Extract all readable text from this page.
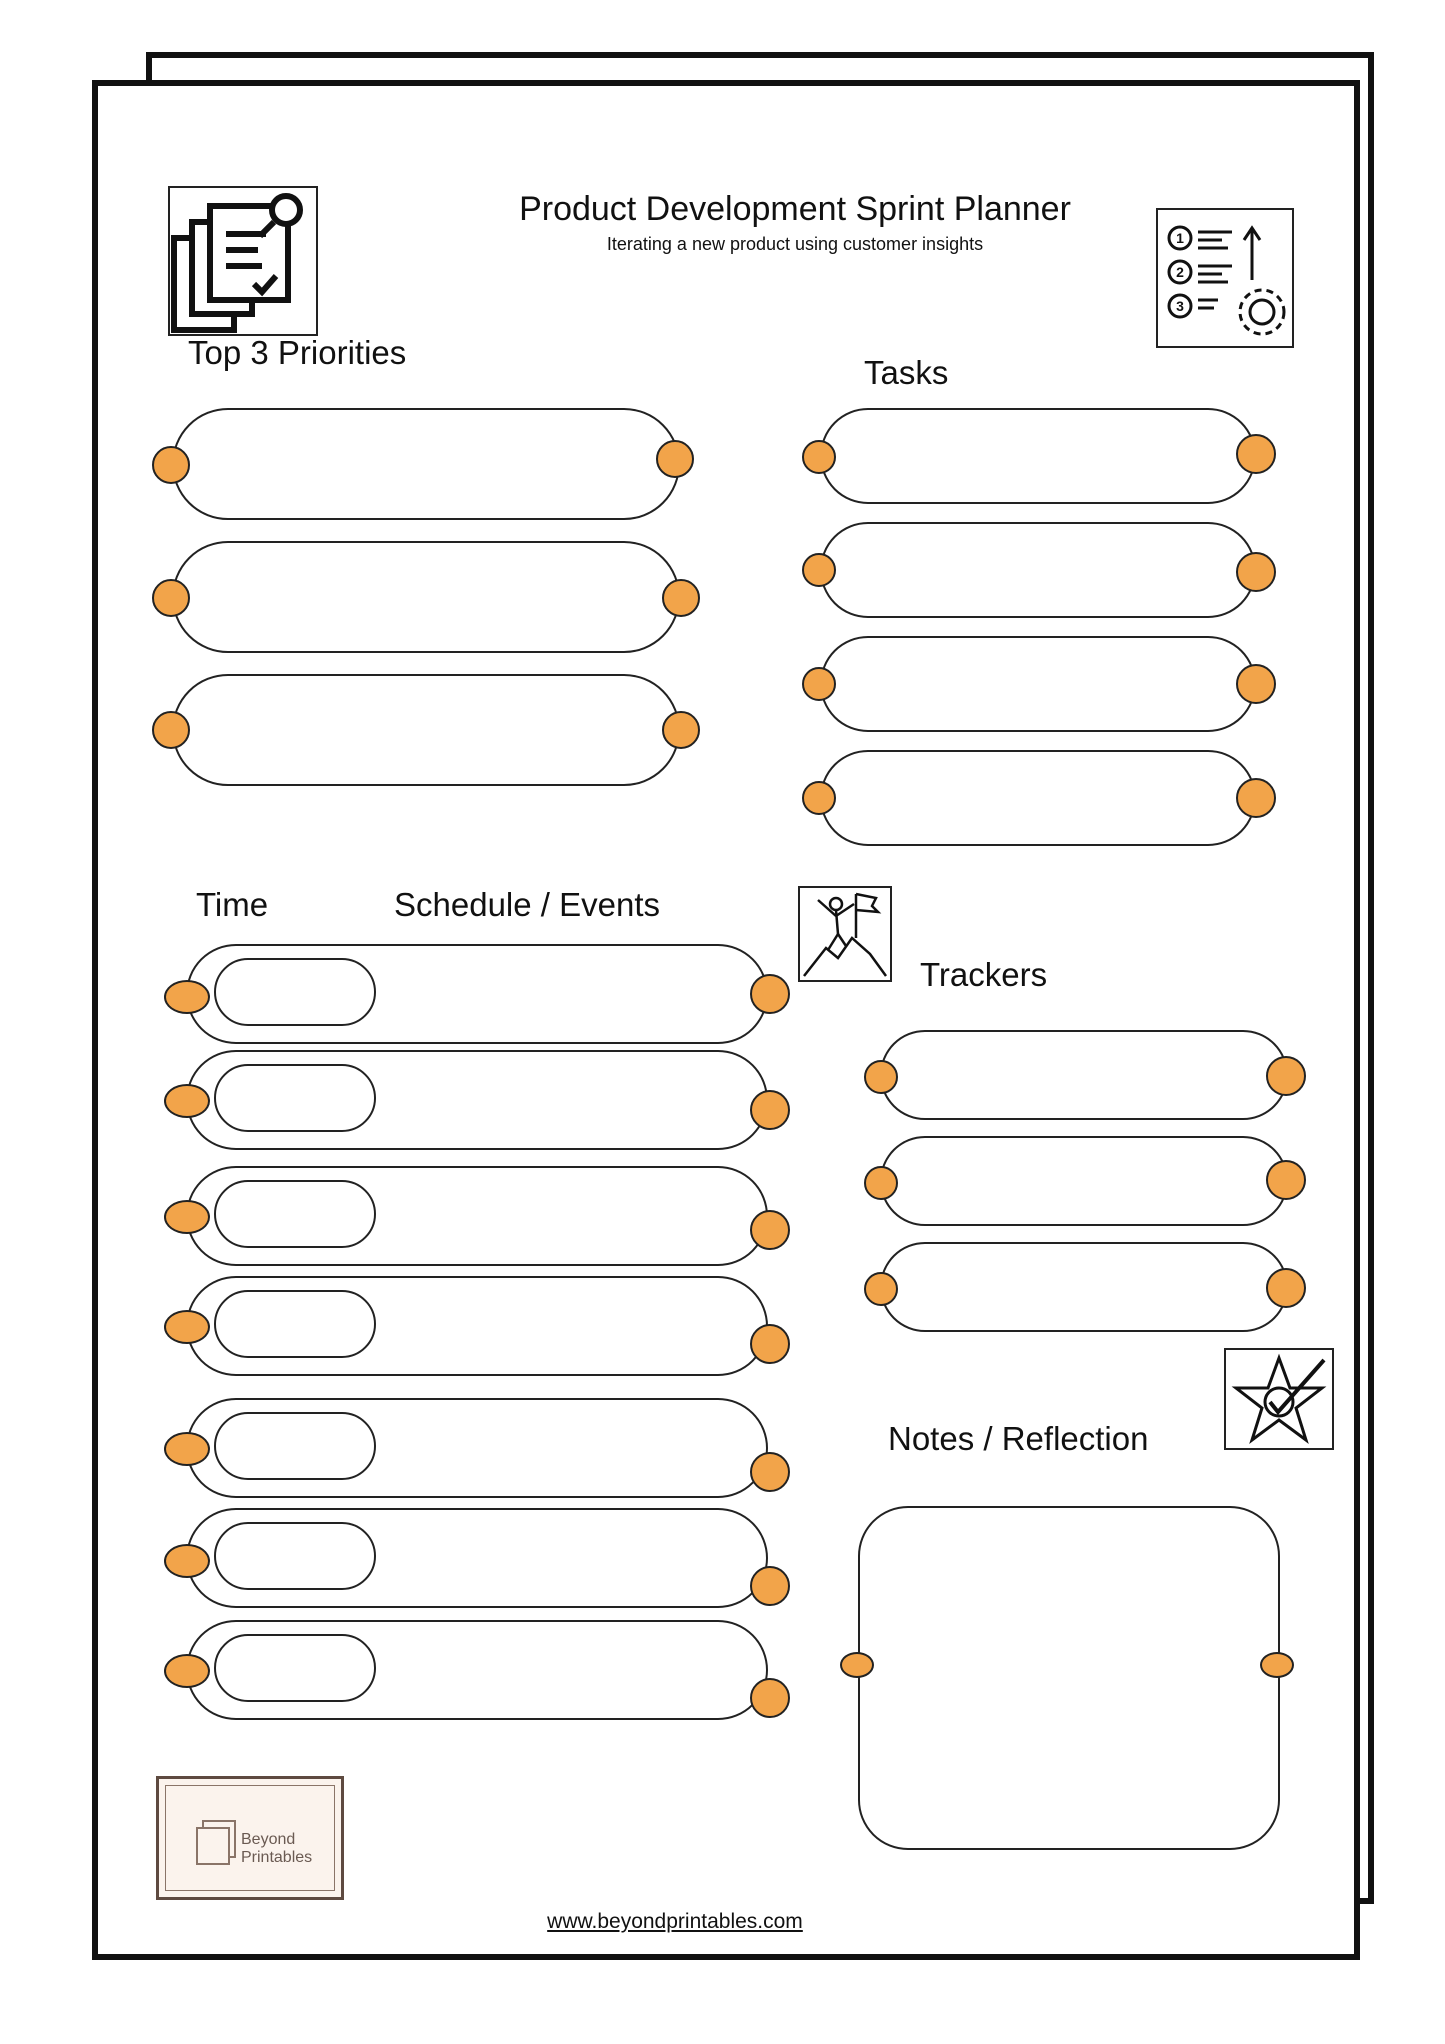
Product Development Sprint Planner
Iterating a new product using customer insights	1
2
3
Top 3 Priorities
Tasks
Time	Schedule / Events
Trackers
Notes / Reflection
Beyond
Printables
www.beyondprintables.com
